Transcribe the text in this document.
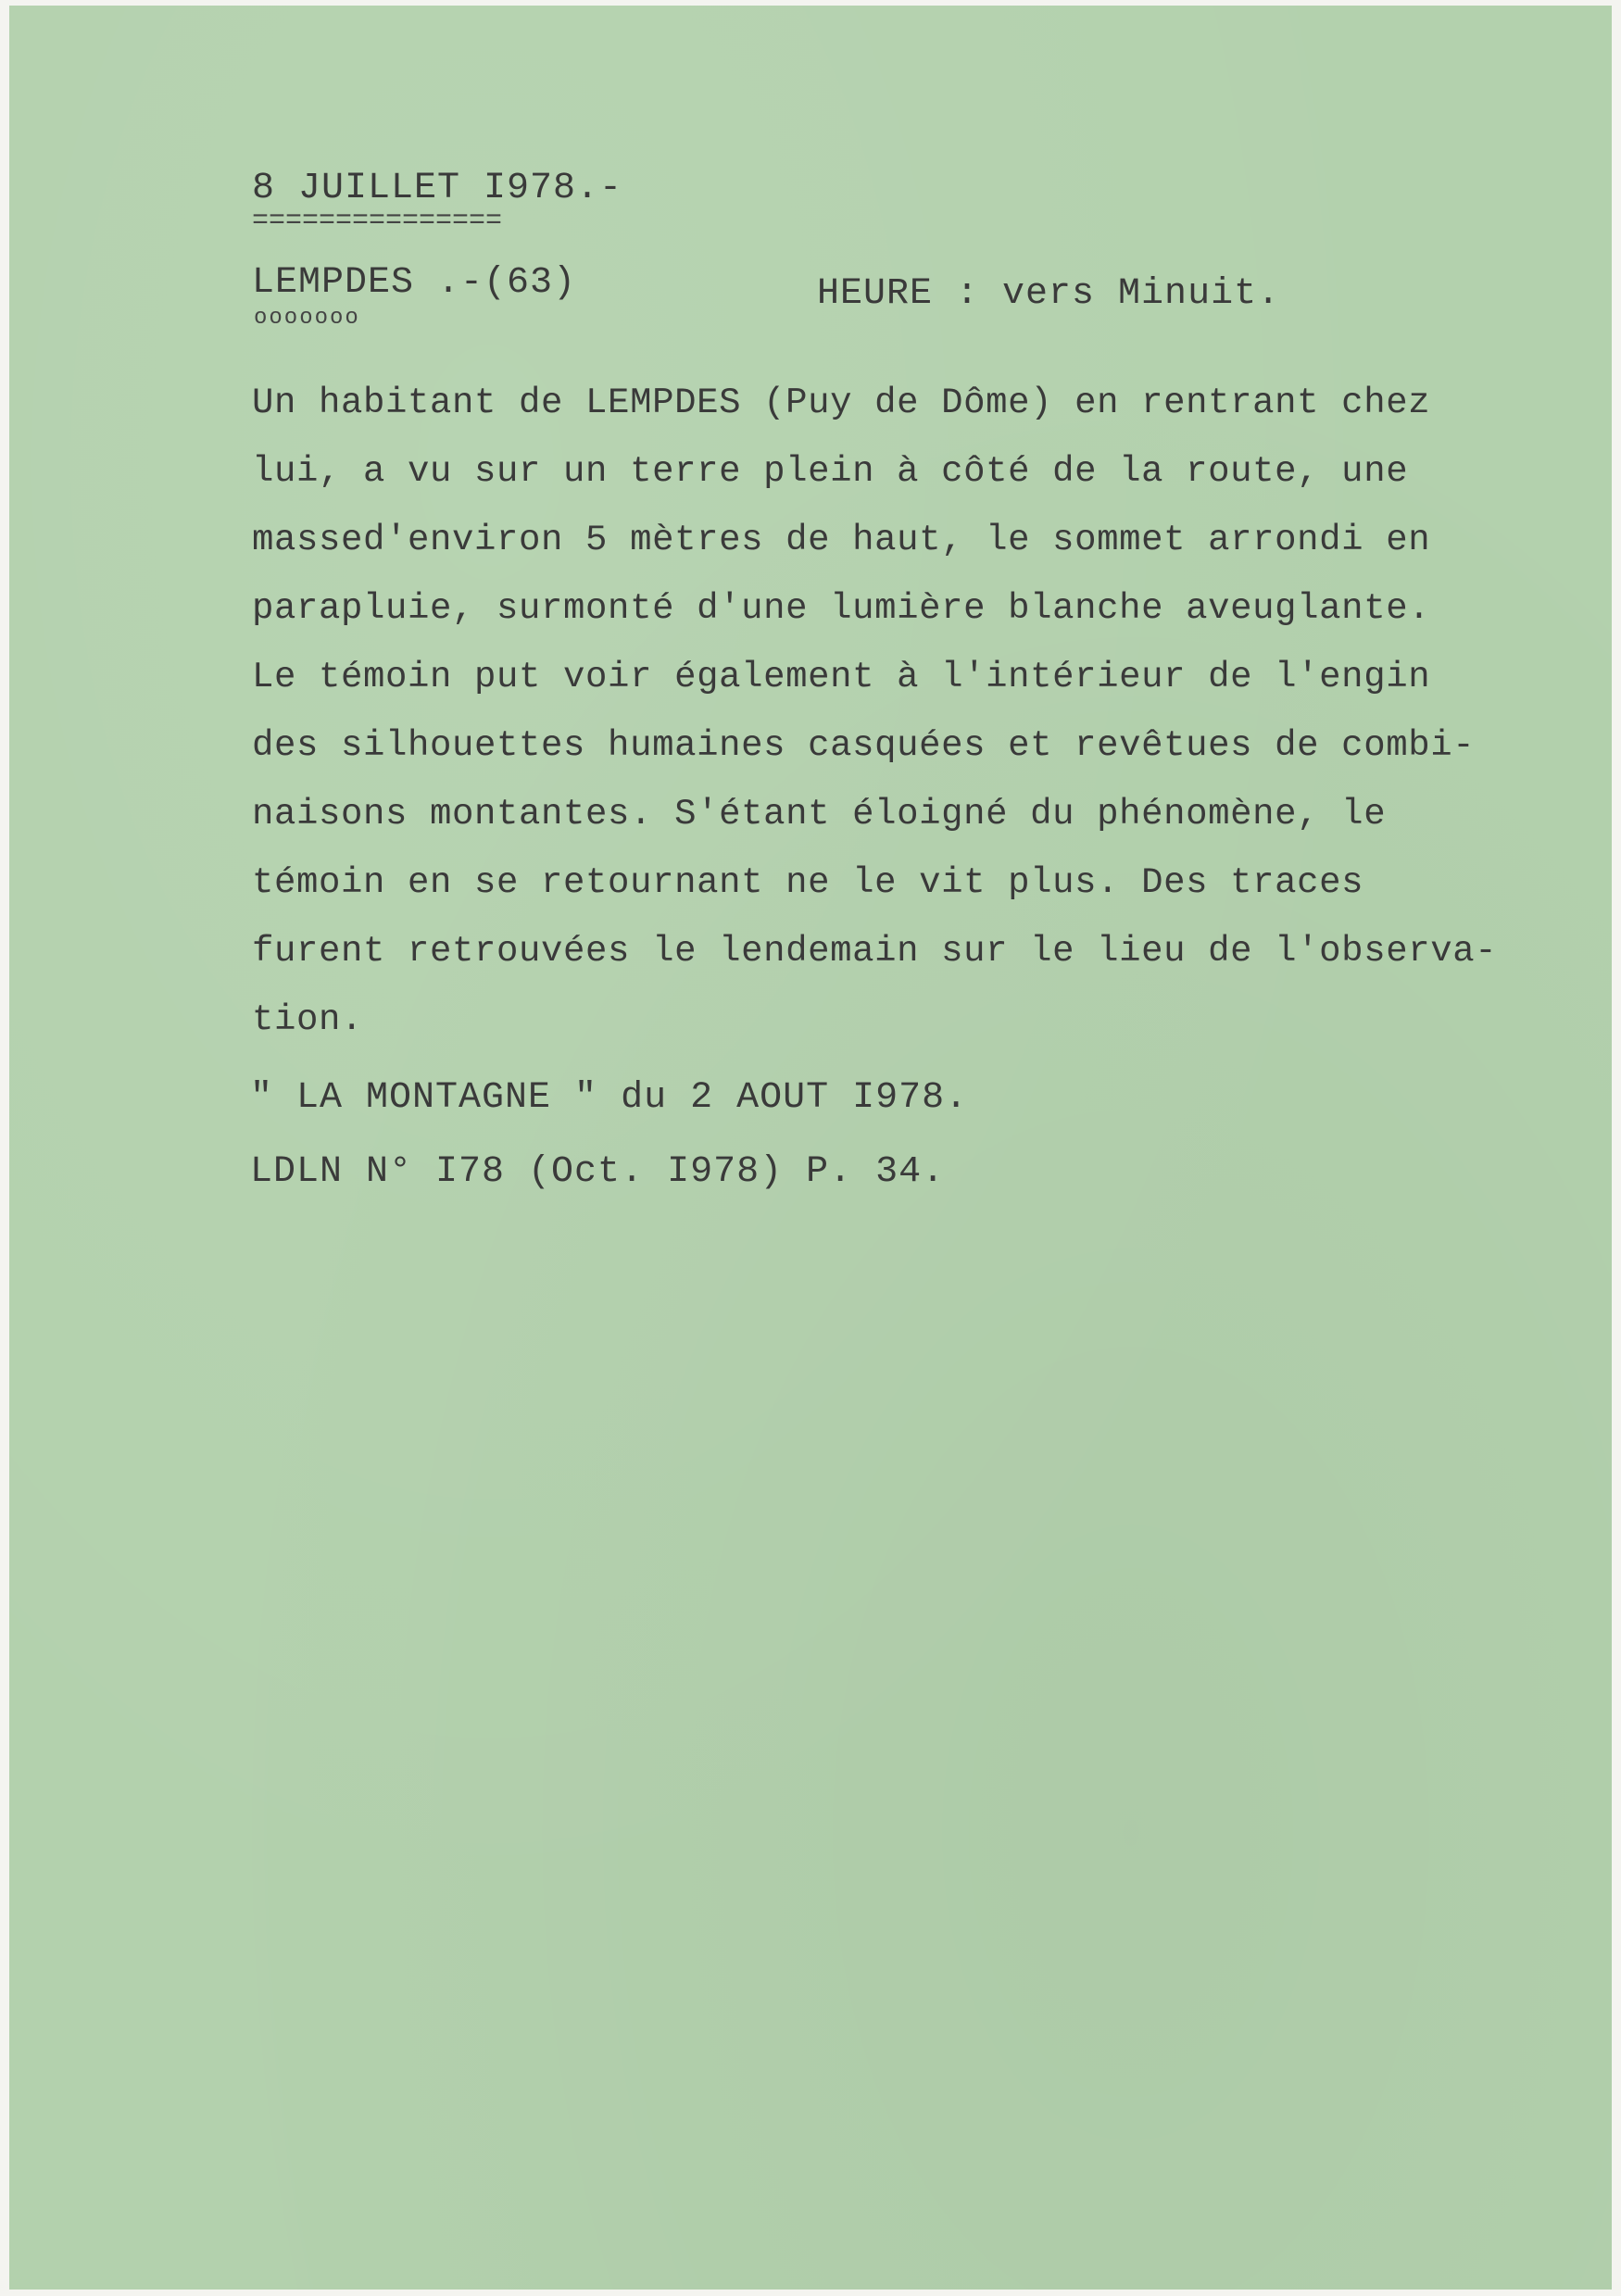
8 JUILLET I978.-
===============
LEMPDES .-(63)
ooooooo
HEURE : vers Minuit.
Un habitant de LEMPDES (Puy de Dôme) en rentrant chez
lui, a vu sur un terre plein à côté de la route, une
massed'environ 5 mètres de haut, le sommet arrondi en
parapluie, surmonté d'une lumière blanche aveuglante.
Le témoin put voir également à l'intérieur de l'engin
des silhouettes humaines casquées et revêtues de combi-
naisons montantes. S'étant éloigné du phénomène, le
témoin en se retournant ne le vit plus. Des traces
furent retrouvées le lendemain sur le lieu de l'observa-
tion.
" LA MONTAGNE " du 2 AOUT I978.
LDLN N° I78 (Oct. I978) P. 34.
